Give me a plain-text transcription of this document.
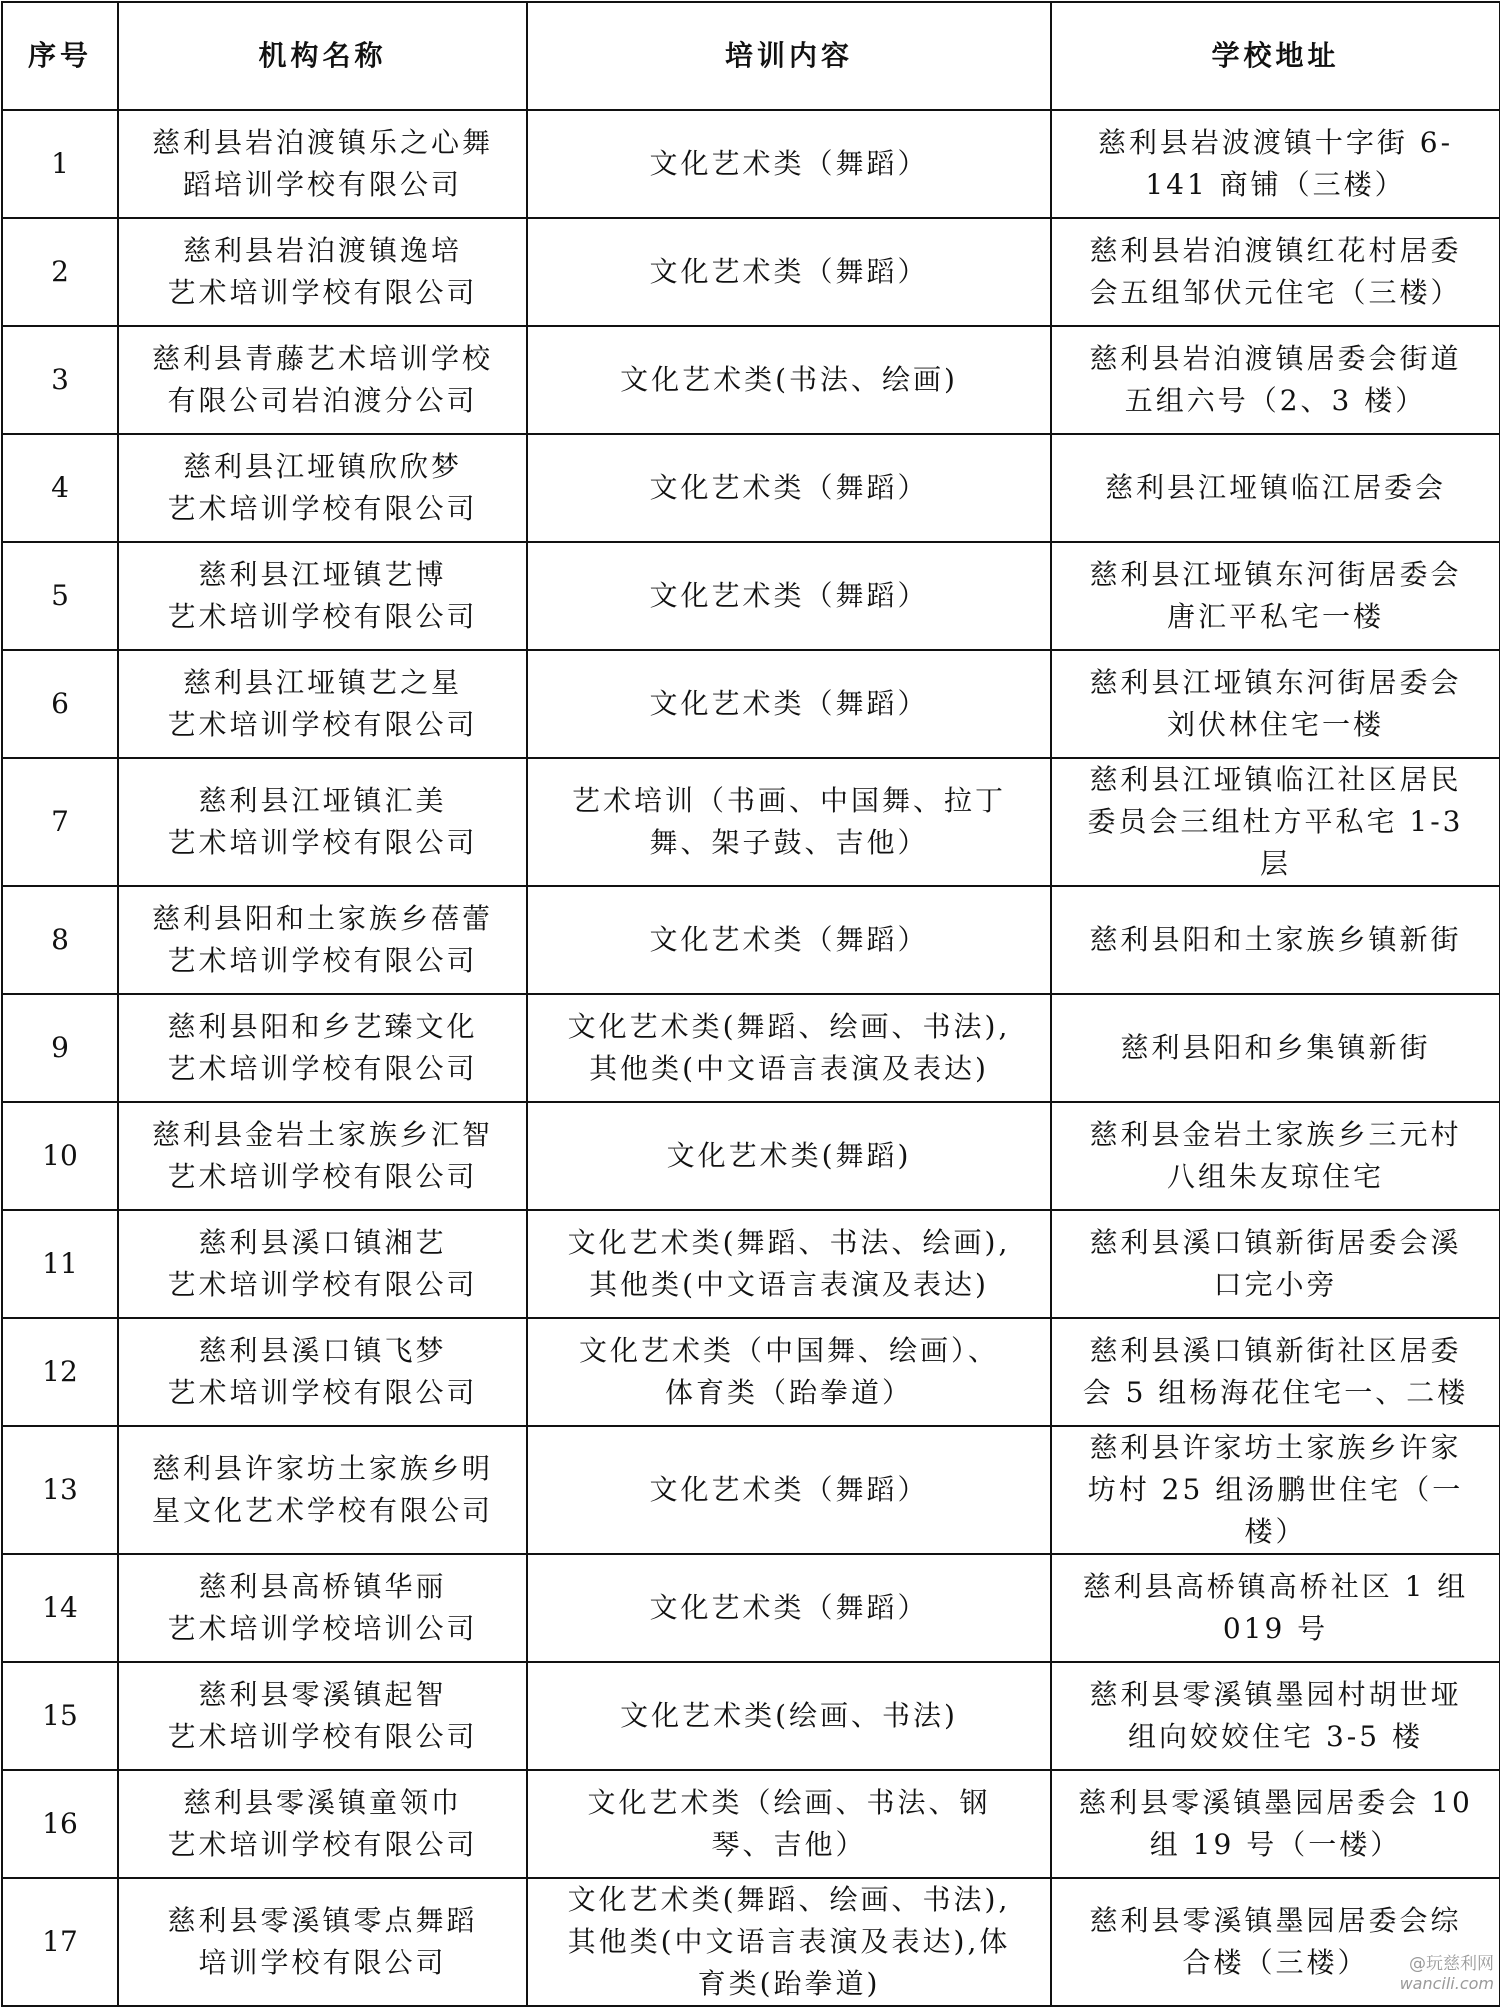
序号	机构名称	培训内容	学校地址

1	慈利县岩泊渡镇乐之心舞
蹈培训学校有限公司	文化艺术类（舞蹈）	慈利县岩波渡镇十字街 6-
141 商铺（三楼）

2	慈利县岩泊渡镇逸培
艺术培训学校有限公司	文化艺术类（舞蹈）	慈利县岩泊渡镇红花村居委
会五组邹伏元住宅（三楼）

3	慈利县青藤艺术培训学校
有限公司岩泊渡分公司	文化艺术类(书法、绘画)	慈利县岩泊渡镇居委会街道
五组六号（2、3 楼）

4	慈利县江垭镇欣欣梦
艺术培训学校有限公司	文化艺术类（舞蹈）	慈利县江垭镇临江居委会

5	慈利县江垭镇艺博
艺术培训学校有限公司	文化艺术类（舞蹈）	慈利县江垭镇东河街居委会
唐汇平私宅一楼

6	慈利县江垭镇艺之星
艺术培训学校有限公司	文化艺术类（舞蹈）	慈利县江垭镇东河街居委会
刘伏林住宅一楼

7	慈利县江垭镇汇美
艺术培训学校有限公司	艺术培训（书画、中国舞、拉丁
舞、架子鼓、吉他）	慈利县江垭镇临江社区居民
委员会三组杜方平私宅 1-3
层

8	慈利县阳和土家族乡蓓蕾
艺术培训学校有限公司	文化艺术类（舞蹈）	慈利县阳和土家族乡镇新街

9	慈利县阳和乡艺臻文化
艺术培训学校有限公司	文化艺术类(舞蹈、绘画、书法),
其他类(中文语言表演及表达)	慈利县阳和乡集镇新街

10	慈利县金岩土家族乡汇智
艺术培训学校有限公司	文化艺术类(舞蹈)	慈利县金岩土家族乡三元村
八组朱友琼住宅

11	慈利县溪口镇湘艺
艺术培训学校有限公司	文化艺术类(舞蹈、书法、绘画),
其他类(中文语言表演及表达)	慈利县溪口镇新街居委会溪
口完小旁

12	慈利县溪口镇飞梦
艺术培训学校有限公司	文化艺术类（中国舞、绘画）、
体育类（跆拳道）	慈利县溪口镇新街社区居委
会 5 组杨海花住宅一、二楼

13	慈利县许家坊土家族乡明
星文化艺术学校有限公司	文化艺术类（舞蹈）	慈利县许家坊土家族乡许家
坊村 25 组汤鹏世住宅（一
楼）

14	慈利县高桥镇华丽
艺术培训学校培训公司	文化艺术类（舞蹈）	慈利县高桥镇高桥社区 1 组
019 号

15	慈利县零溪镇起智
艺术培训学校有限公司	文化艺术类(绘画、书法)	慈利县零溪镇墨园村胡世垭
组向姣姣住宅 3-5 楼

16	慈利县零溪镇童领巾
艺术培训学校有限公司	文化艺术类（绘画、书法、钢
琴、吉他）	慈利县零溪镇墨园居委会 10
组 19 号（一楼）

17	慈利县零溪镇零点舞蹈
培训学校有限公司	文化艺术类(舞蹈、绘画、书法),
其他类(中文语言表演及表达),体
育类(跆拳道)	慈利县零溪镇墨园居委会综
合楼（三楼）	@玩慈利网
wancili.com
